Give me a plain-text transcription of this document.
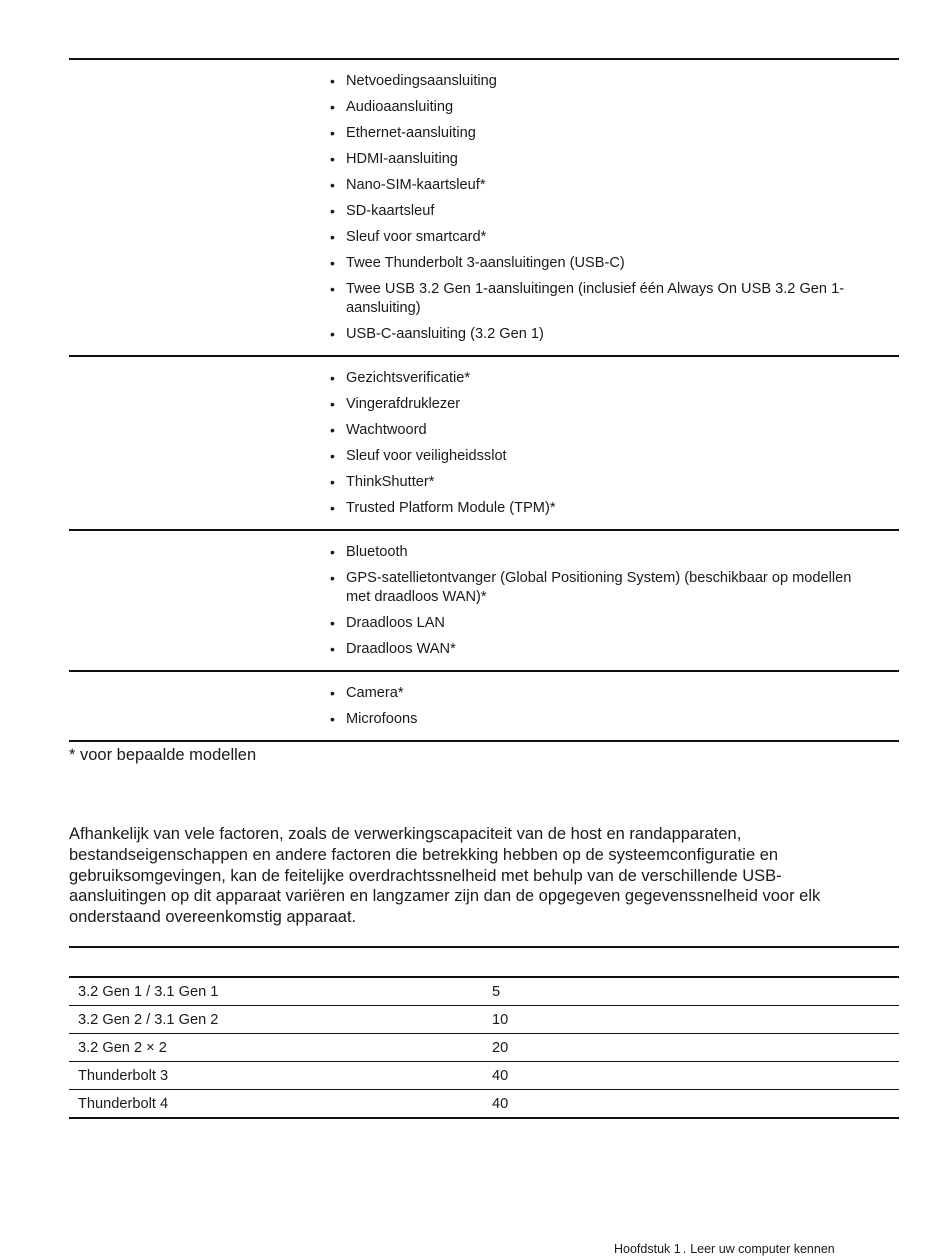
• Netvoedingsaansluiting
• Audioaansluiting
• Ethernet-aansluiting
• HDMI-aansluiting
• Nano-SIM-kaartsleuf*
• SD-kaartsleuf
• Sleuf voor smartcard*
• Twee Thunderbolt 3-aansluitingen (USB-C)
• Twee USB 3.2 Gen 1-aansluitingen (inclusief één Always On USB 3.2 Gen 1-aansluiting)
• USB-C-aansluiting (3.2 Gen 1)
• Gezichtsverificatie*
• Vingerafdruklezer
• Wachtwoord
• Sleuf voor veiligheidsslot
• ThinkShutter*
• Trusted Platform Module (TPM)*
• Bluetooth
• GPS-satellietontvanger (Global Positioning System) (beschikbaar op modellen met draadloos WAN)*
• Draadloos LAN
• Draadloos WAN*
• Camera*
• Microfoons

* voor bepaalde modellen

Afhankelijk van vele factoren, zoals de verwerkingscapaciteit van de host en randapparaten, bestandseigenschappen en andere factoren die betrekking hebben op de systeemconfiguratie en gebruiksomgevingen, kan de feitelijke overdrachtssnelheid met behulp van de verschillende USB-aansluitingen op dit apparaat variëren en langzamer zijn dan de opgegeven gegevenssnelheid voor elk onderstaand overeenkomstig apparaat.

3.2 Gen 1 / 3.1 Gen 1	5
3.2 Gen 2 / 3.1 Gen 2	10
3.2 Gen 2 × 2	20
Thunderbolt 3	40
Thunderbolt 4	40

Hoofdstuk 1 . Leer uw computer kennen
